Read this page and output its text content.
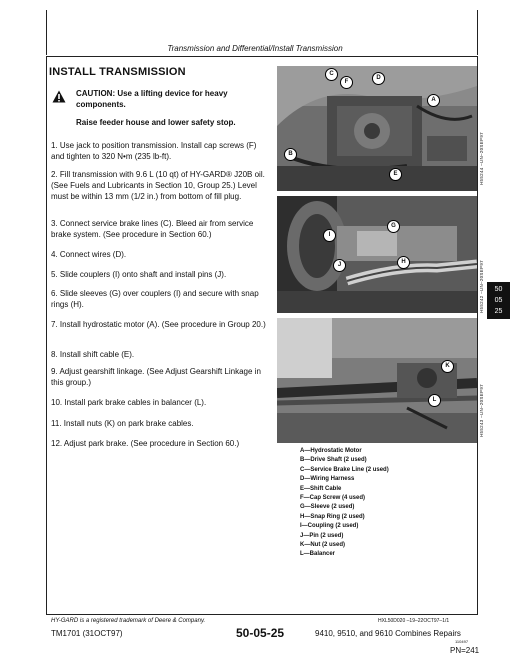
Transmission and Differential/Install Transmission
INSTALL TRANSMISSION
CAUTION: Use a lifting device for heavy components.
Raise feeder house and lower safety stop.
1. Use jack to position transmission. Install cap screws (F) and tighten to 320 N•m (235 lb-ft).
2. Fill transmission with 9.6 L (10 qt) of HY-GARD® J20B oil. (See Fuels and Lubricants in Section 10, Group 25.) Level must be within 13 mm (1/2 in.) from bottom of fill plug.
3. Connect service brake lines (C). Bleed air from service brake system. (See procedure in Section 60.)
4. Connect wires (D).
5. Slide couplers (I) onto shaft and install pins (J).
6. Slide sleeves (G) over couplers (I) and secure with snap rings (H).
7. Install hydrostatic motor (A). (See procedure in Group 20.)
8. Install shift cable (E).
9. Adjust gearshift linkage. (See Adjust Gearshift Linkage in this group.)
10. Install park brake cables in balancer (L).
11. Install nuts (K) on park brake cables.
12. Adjust park brake. (See procedure in Section 60.)
C
F
D
A
B
E	H55244 –UN–20SEP97
G
I
H
J	H55242 –UN–20SEP97
K
L	H55243 –UN–20SEP97
A—Hydrostatic Motor
B—Drive Shaft (2 used)
C—Service Brake Line (2 used)
D—Wiring Harness
E—Shift Cable
F—Cap Screw (4 used)
G—Sleeve (2 used)
H—Snap Ring (2 used)
I—Coupling (2 used)
J—Pin (2 used)
K—Nut (2 used)
L—Balancer
50
05
25
HY-GARD is a registered trademark of Deere & Company.	HXL50D020 –19–22OCT97–1/1
TM1701 (31OCT97)	50-05-25	9410, 9510, and 9610 Combines Repairs
110497
PN=241
